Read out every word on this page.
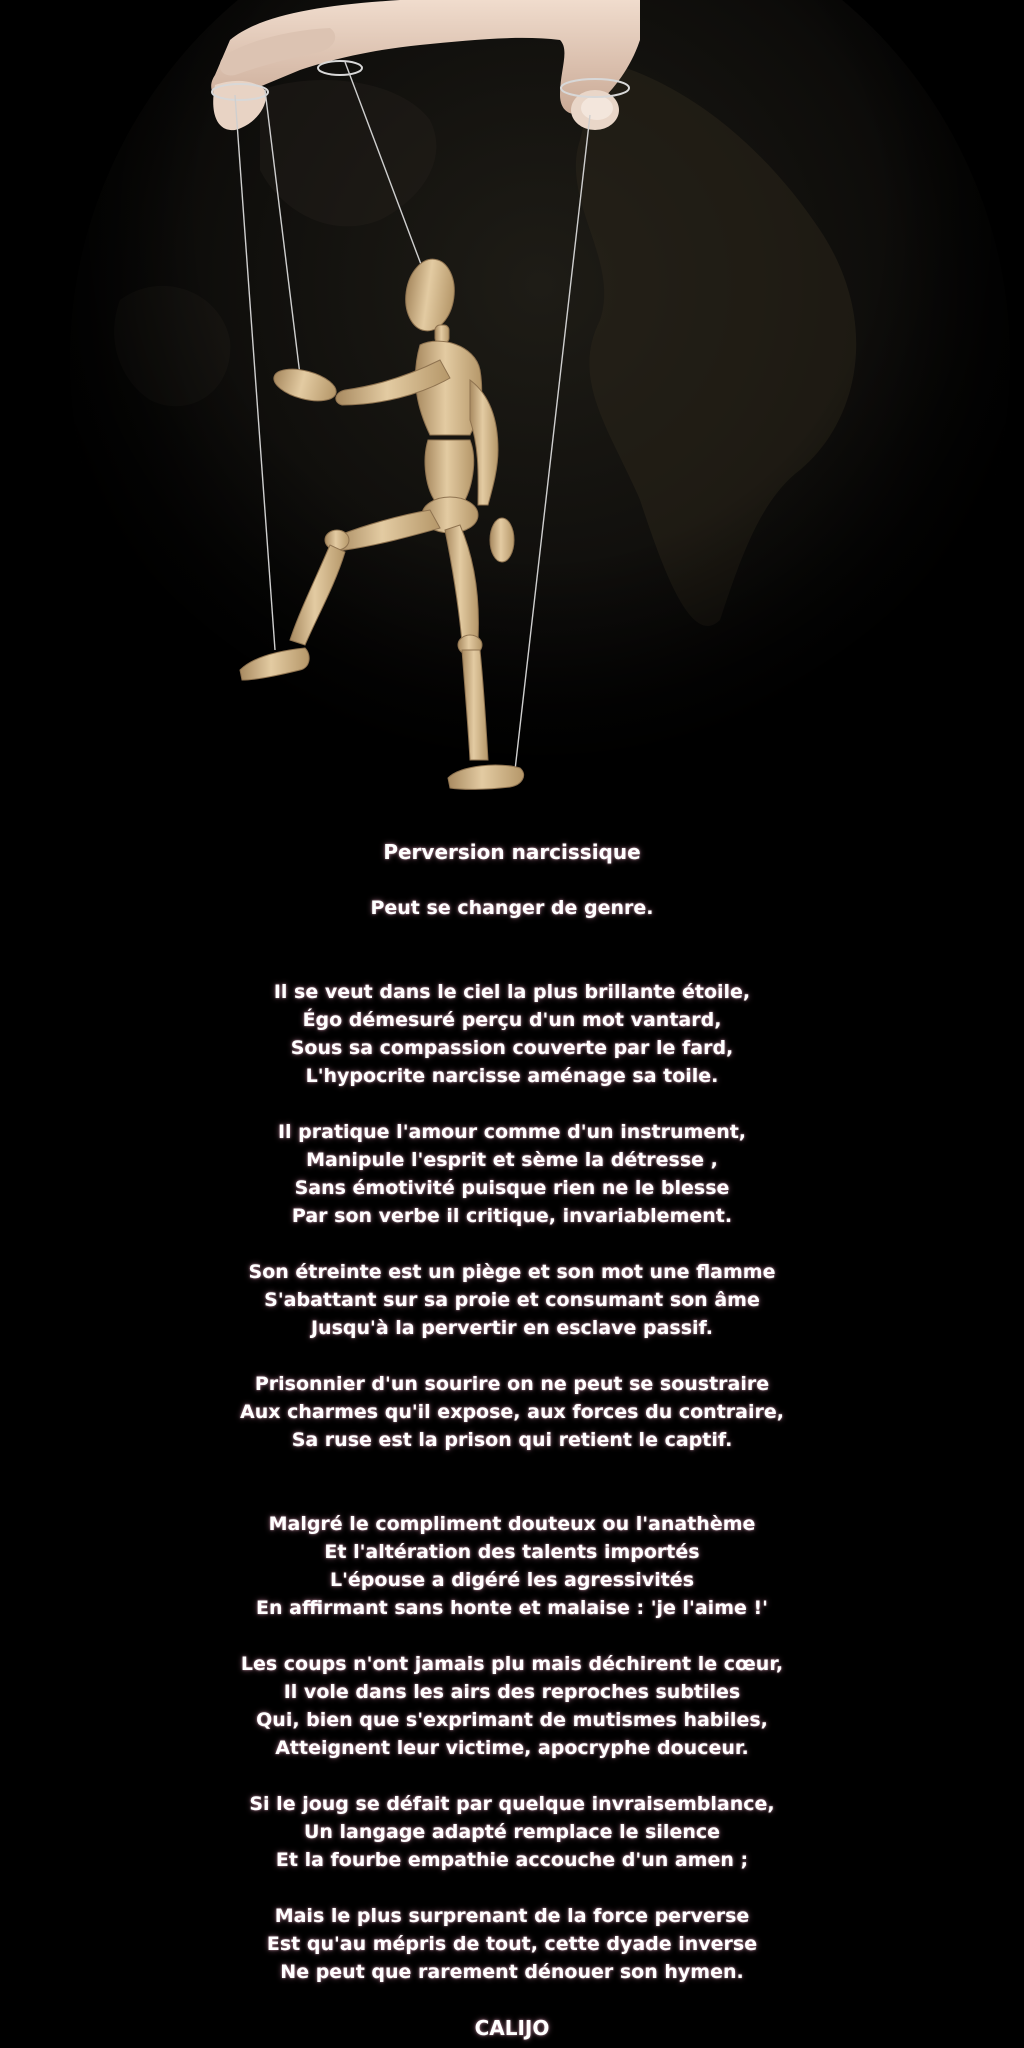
Perversion narcissique
Peut se changer de genre.
Il se veut dans le ciel la plus brillante étoile,
Égo démesuré perçu d'un mot vantard,
Sous sa compassion couverte par le fard,
L'hypocrite narcisse aménage sa toile.
Il pratique l'amour comme d'un instrument,
Manipule l'esprit et sème la détresse ,
Sans émotivité puisque rien ne le blesse
Par son verbe il critique, invariablement.
Son étreinte est un piège et son mot une flamme
S'abattant sur sa proie et consumant son âme
Jusqu'à la pervertir en esclave passif.
Prisonnier d'un sourire on ne peut se soustraire
Aux charmes qu'il expose, aux forces du contraire,
Sa ruse est la prison qui retient le captif.
Malgré le compliment douteux ou l'anathème
Et l'altération des talents importés
L'épouse a digéré les agressivités
En affirmant sans honte et malaise : 'je l'aime !'
Les coups n'ont jamais plu mais déchirent le cœur,
Il vole dans les airs des reproches subtiles
Qui, bien que s'exprimant de mutismes habiles,
Atteignent leur victime, apocryphe douceur.
Si le joug se défait par quelque invraisemblance,
Un langage adapté remplace le silence
Et la fourbe empathie accouche d'un amen ;
Mais le plus surprenant de la force perverse
Est qu'au mépris de tout, cette dyade inverse
Ne peut que rarement dénouer son hymen.
CALIJO
